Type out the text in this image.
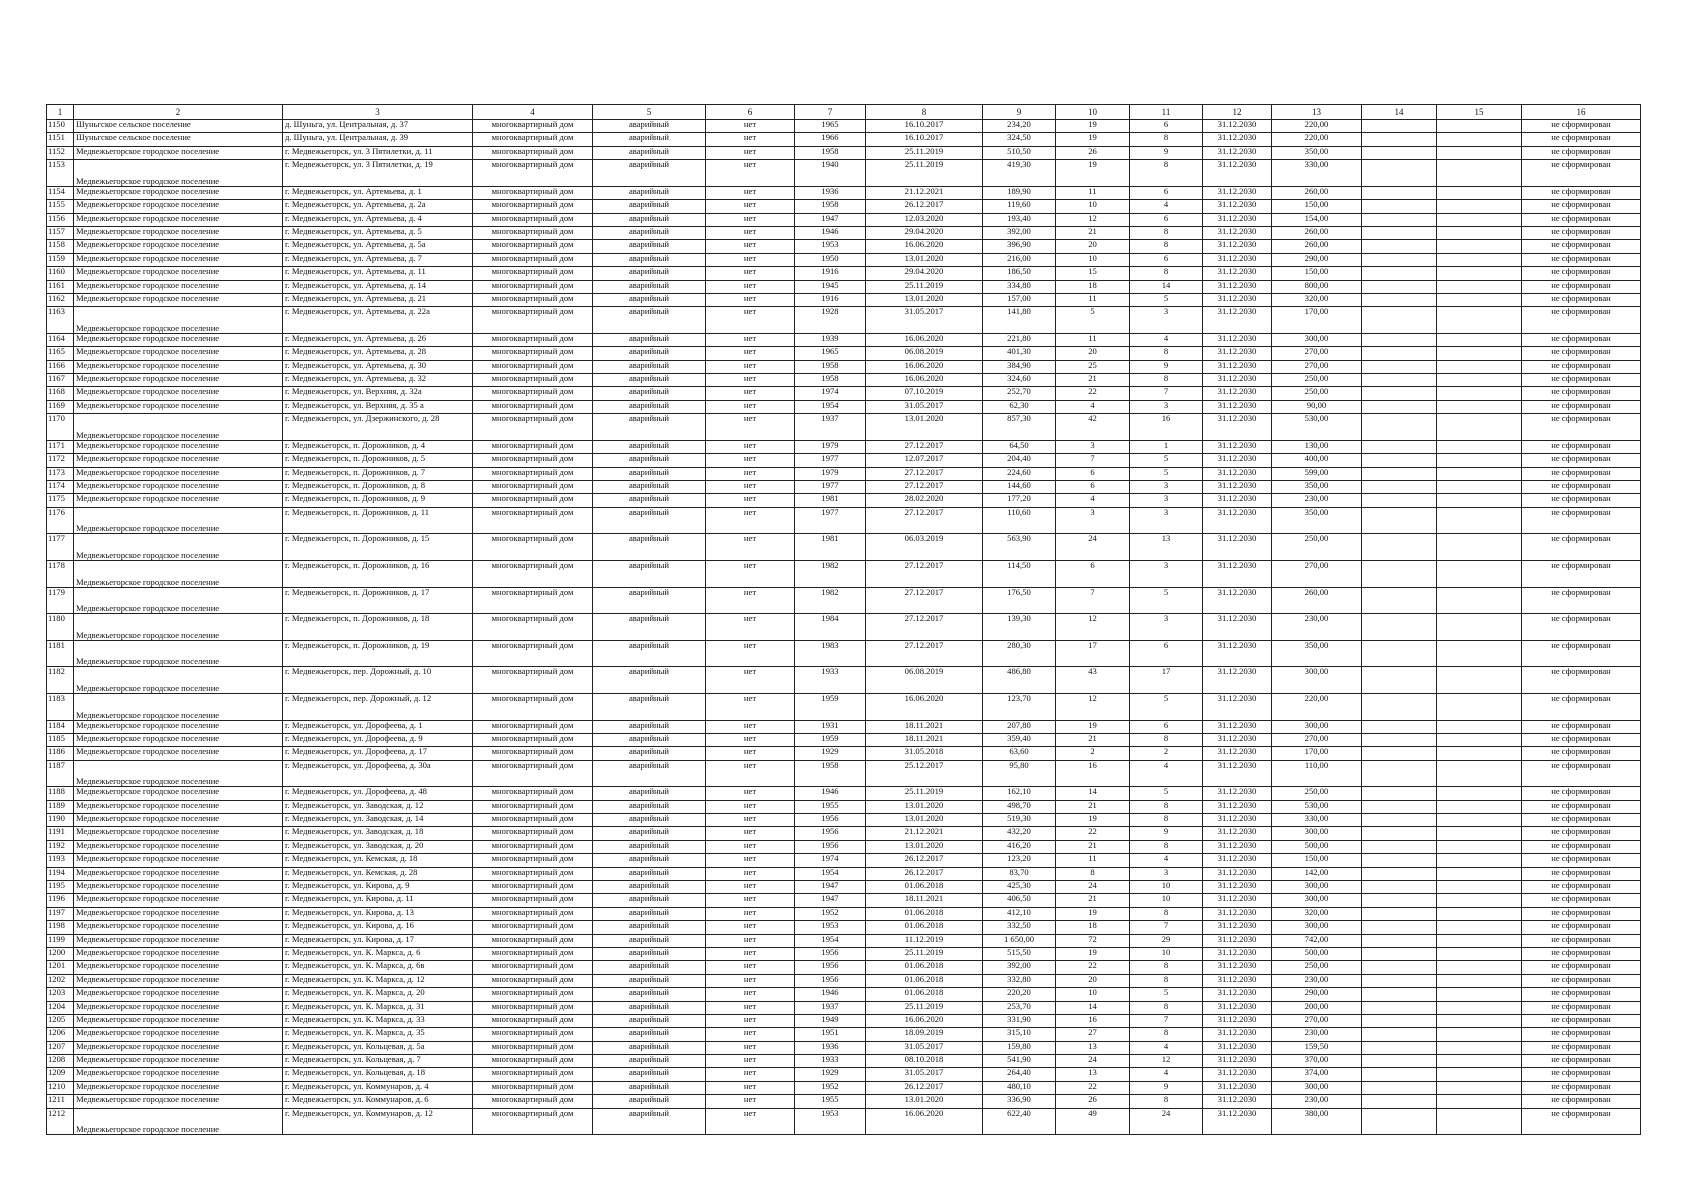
1	2	3	4	5	6	7	8	9	10	11	12	13	14	15	16
1150	Шуньгское сельское поселение	д. Шуньга, ул. Центральная, д. 37	многоквартирный дом	аварийный	нет	1965	16.10.2017	234,20	19	6	31.12.2030	220,00			не сформирован
1151	Шуньгское сельское поселение	д. Шуньга, ул. Центральная, д. 39	многоквартирный дом	аварийный	нет	1966	16.10.2017	324,50	19	8	31.12.2030	220,00			не сформирован
1152	Медвежьегорское городское поселение	г. Медвежьегорск, ул. 3 Пятилетки, д. 11	многоквартирный дом	аварийный	нет	1958	25.11.2019	510,50	26	9	31.12.2030	350,00			не сформирован
1153	Медвежьегорское городское поселение	г. Медвежьегорск, ул. 3 Пятилетки, д. 19	многоквартирный дом	аварийный	нет	1940	25.11.2019	419,30	19	8	31.12.2030	330,00			не сформирован
1154	Медвежьегорское городское поселение	г. Медвежьегорск, ул. Артемьева, д. 1	многоквартирный дом	аварийный	нет	1936	21.12.2021	189,90	11	6	31.12.2030	260,00			не сформирован
1155	Медвежьегорское городское поселение	г. Медвежьегорск, ул. Артемьева, д. 2а	многоквартирный дом	аварийный	нет	1958	26.12.2017	119,60	10	4	31.12.2030	150,00			не сформирован
1156	Медвежьегорское городское поселение	г. Медвежьегорск, ул. Артемьева, д. 4	многоквартирный дом	аварийный	нет	1947	12.03.2020	193,40	12	6	31.12.2030	154,00			не сформирован
1157	Медвежьегорское городское поселение	г. Медвежьегорск, ул. Артемьева, д. 5	многоквартирный дом	аварийный	нет	1946	29.04.2020	392,00	21	8	31.12.2030	260,00			не сформирован
1158	Медвежьегорское городское поселение	г. Медвежьегорск, ул. Артемьева, д. 5а	многоквартирный дом	аварийный	нет	1953	16.06.2020	396,90	20	8	31.12.2030	260,00			не сформирован
1159	Медвежьегорское городское поселение	г. Медвежьегорск, ул. Артемьева, д. 7	многоквартирный дом	аварийный	нет	1950	13.01.2020	216,00	10	6	31.12.2030	290,00			не сформирован
1160	Медвежьегорское городское поселение	г. Медвежьегорск, ул. Артемьева, д. 11	многоквартирный дом	аварийный	нет	1916	29.04.2020	186,50	15	8	31.12.2030	150,00			не сформирован
1161	Медвежьегорское городское поселение	г. Медвежьегорск, ул. Артемьева, д. 14	многоквартирный дом	аварийный	нет	1945	25.11.2019	334,80	18	14	31.12.2030	800,00			не сформирован
1162	Медвежьегорское городское поселение	г. Медвежьегорск, ул. Артемьева, д. 21	многоквартирный дом	аварийный	нет	1916	13.01.2020	157,00	11	5	31.12.2030	320,00			не сформирован
1163	Медвежьегорское городское поселение	г. Медвежьегорск, ул. Артемьева, д. 22а	многоквартирный дом	аварийный	нет	1928	31.05.2017	141,80	5	3	31.12.2030	170,00			не сформирован
1164	Медвежьегорское городское поселение	г. Медвежьегорск, ул. Артемьева, д. 26	многоквартирный дом	аварийный	нет	1939	16.06.2020	221,80	11	4	31.12.2030	300,00			не сформирован
1165	Медвежьегорское городское поселение	г. Медвежьегорск, ул. Артемьева, д. 28	многоквартирный дом	аварийный	нет	1965	06.08.2019	401,30	20	8	31.12.2030	270,00			не сформирован
1166	Медвежьегорское городское поселение	г. Медвежьегорск, ул. Артемьева, д. 30	многоквартирный дом	аварийный	нет	1958	16.06.2020	384,90	25	9	31.12.2030	270,00			не сформирован
1167	Медвежьегорское городское поселение	г. Медвежьегорск, ул. Артемьева, д. 32	многоквартирный дом	аварийный	нет	1958	16.06.2020	324,60	21	8	31.12.2030	250,00			не сформирован
1168	Медвежьегорское городское поселение	г. Медвежьегорск, ул. Верхняя, д. 32а	многоквартирный дом	аварийный	нет	1974	07.10.2019	252,70	22	7	31.12.2030	250,00			не сформирован
1169	Медвежьегорское городское поселение	г. Медвежьегорск, ул. Верхняя, д. 35 а	многоквартирный дом	аварийный	нет	1954	31.05.2017	62,30	4	3	31.12.2030	90,00			не сформирован
1170	Медвежьегорское городское поселение	г. Медвежьегорск, ул. Дзержинского, д. 28	многоквартирный дом	аварийный	нет	1937	13.01.2020	857,30	42	16	31.12.2030	530,00			не сформирован
1171	Медвежьегорское городское поселение	г. Медвежьегорск, п. Дорожников, д. 4	многоквартирный дом	аварийный	нет	1979	27.12.2017	64,50	3	1	31.12.2030	130,00			не сформирован
1172	Медвежьегорское городское поселение	г. Медвежьегорск, п. Дорожников, д. 5	многоквартирный дом	аварийный	нет	1977	12.07.2017	204,40	7	5	31.12.2030	400,00			не сформирован
1173	Медвежьегорское городское поселение	г. Медвежьегорск, п. Дорожников, д. 7	многоквартирный дом	аварийный	нет	1979	27.12.2017	224,60	6	5	31.12.2030	599,00			не сформирован
1174	Медвежьегорское городское поселение	г. Медвежьегорск, п. Дорожников, д. 8	многоквартирный дом	аварийный	нет	1977	27.12.2017	144,60	6	3	31.12.2030	350,00			не сформирован
1175	Медвежьегорское городское поселение	г. Медвежьегорск, п. Дорожников, д. 9	многоквартирный дом	аварийный	нет	1981	28.02.2020	177,20	4	3	31.12.2030	230,00			не сформирован
1176	Медвежьегорское городское поселение	г. Медвежьегорск, п. Дорожников, д. 11	многоквартирный дом	аварийный	нет	1977	27.12.2017	110,60	3	3	31.12.2030	350,00			не сформирован
1177	Медвежьегорское городское поселение	г. Медвежьегорск, п. Дорожников, д. 15	многоквартирный дом	аварийный	нет	1981	06.03.2019	563,90	24	13	31.12.2030	250,00			не сформирован
1178	Медвежьегорское городское поселение	г. Медвежьегорск, п. Дорожников, д. 16	многоквартирный дом	аварийный	нет	1982	27.12.2017	114,50	6	3	31.12.2030	270,00			не сформирован
1179	Медвежьегорское городское поселение	г. Медвежьегорск, п. Дорожников, д. 17	многоквартирный дом	аварийный	нет	1982	27.12.2017	176,50	7	5	31.12.2030	260,00			не сформирован
1180	Медвежьегорское городское поселение	г. Медвежьегорск, п. Дорожников, д. 18	многоквартирный дом	аварийный	нет	1984	27.12.2017	139,30	12	3	31.12.2030	230,00			не сформирован
1181	Медвежьегорское городское поселение	г. Медвежьегорск, п. Дорожников, д. 19	многоквартирный дом	аварийный	нет	1983	27.12.2017	280,30	17	6	31.12.2030	350,00			не сформирован
1182	Медвежьегорское городское поселение	г. Медвежьегорск, пер. Дорожный, д. 10	многоквартирный дом	аварийный	нет	1933	06.08.2019	486,80	43	17	31.12.2030	300,00			не сформирован
1183	Медвежьегорское городское поселение	г. Медвежьегорск, пер. Дорожный, д. 12	многоквартирный дом	аварийный	нет	1959	16.06.2020	123,70	12	5	31.12.2030	220,00			не сформирован
1184	Медвежьегорское городское поселение	г. Медвежьегорск, ул. Дорофеева, д. 1	многоквартирный дом	аварийный	нет	1931	18.11.2021	207,80	19	6	31.12.2030	300,00			не сформирован
1185	Медвежьегорское городское поселение	г. Медвежьегорск, ул. Дорофеева, д. 9	многоквартирный дом	аварийный	нет	1959	18.11.2021	359,40	21	8	31.12.2030	270,00			не сформирован
1186	Медвежьегорское городское поселение	г. Медвежьегорск, ул. Дорофеева, д. 17	многоквартирный дом	аварийный	нет	1929	31.05.2018	63,60	2	2	31.12.2030	170,00			не сформирован
1187	Медвежьегорское городское поселение	г. Медвежьегорск, ул. Дорофеева, д. 30а	многоквартирный дом	аварийный	нет	1958	25.12.2017	95,80	16	4	31.12.2030	110,00			не сформирован
1188	Медвежьегорское городское поселение	г. Медвежьегорск, ул. Дорофеева, д. 48	многоквартирный дом	аварийный	нет	1946	25.11.2019	162,10	14	5	31.12.2030	250,00			не сформирован
1189	Медвежьегорское городское поселение	г. Медвежьегорск, ул. Заводская, д. 12	многоквартирный дом	аварийный	нет	1955	13.01.2020	498,70	21	8	31.12.2030	530,00			не сформирован
1190	Медвежьегорское городское поселение	г. Медвежьегорск, ул. Заводская, д. 14	многоквартирный дом	аварийный	нет	1956	13.01.2020	519,30	19	8	31.12.2030	330,00			не сформирован
1191	Медвежьегорское городское поселение	г. Медвежьегорск, ул. Заводская, д. 18	многоквартирный дом	аварийный	нет	1956	21.12.2021	432,20	22	9	31.12.2030	300,00			не сформирован
1192	Медвежьегорское городское поселение	г. Медвежьегорск, ул. Заводская, д. 20	многоквартирный дом	аварийный	нет	1956	13.01.2020	416,20	21	8	31.12.2030	500,00			не сформирован
1193	Медвежьегорское городское поселение	г. Медвежьегорск, ул. Кемская, д. 18	многоквартирный дом	аварийный	нет	1974	26.12.2017	123,20	11	4	31.12.2030	150,00			не сформирован
1194	Медвежьегорское городское поселение	г. Медвежьегорск, ул. Кемская, д. 28	многоквартирный дом	аварийный	нет	1954	26.12.2017	83,70	8	3	31.12.2030	142,00			не сформирован
1195	Медвежьегорское городское поселение	г. Медвежьегорск, ул. Кирова, д. 9	многоквартирный дом	аварийный	нет	1947	01.06.2018	425,30	24	10	31.12.2030	300,00			не сформирован
1196	Медвежьегорское городское поселение	г. Медвежьегорск, ул. Кирова, д. 11	многоквартирный дом	аварийный	нет	1947	18.11.2021	406,50	21	10	31.12.2030	300,00			не сформирован
1197	Медвежьегорское городское поселение	г. Медвежьегорск, ул. Кирова, д. 13	многоквартирный дом	аварийный	нет	1952	01.06.2018	412,10	19	8	31.12.2030	320,00			не сформирован
1198	Медвежьегорское городское поселение	г. Медвежьегорск, ул. Кирова, д. 16	многоквартирный дом	аварийный	нет	1953	01.06.2018	332,50	18	7	31.12.2030	300,00			не сформирован
1199	Медвежьегорское городское поселение	г. Медвежьегорск, ул. Кирова, д. 17	многоквартирный дом	аварийный	нет	1954	11.12.2019	1 650,00	72	29	31.12.2030	742,00			не сформирован
1200	Медвежьегорское городское поселение	г. Медвежьегорск, ул. К. Маркса, д. 6	многоквартирный дом	аварийный	нет	1956	25.11.2019	515,50	19	10	31.12.2030	500,00			не сформирован
1201	Медвежьегорское городское поселение	г. Медвежьегорск, ул. К. Маркса, д. 6в	многоквартирный дом	аварийный	нет	1956	01.06.2018	392,00	22	8	31.12.2030	250,00			не сформирован
1202	Медвежьегорское городское поселение	г. Медвежьегорск, ул. К. Маркса, д. 12	многоквартирный дом	аварийный	нет	1956	01.06.2018	332,80	20	8	31.12.2030	230,00			не сформирован
1203	Медвежьегорское городское поселение	г. Медвежьегорск, ул. К. Маркса, д. 20	многоквартирный дом	аварийный	нет	1946	01.06.2018	220,20	10	5	31.12.2030	290,00			не сформирован
1204	Медвежьегорское городское поселение	г. Медвежьегорск, ул. К. Маркса, д. 31	многоквартирный дом	аварийный	нет	1937	25.11.2019	253,70	14	8	31.12.2030	200,00			не сформирован
1205	Медвежьегорское городское поселение	г. Медвежьегорск, ул. К. Маркса, д. 33	многоквартирный дом	аварийный	нет	1949	16.06.2020	331,90	16	7	31.12.2030	270,00			не сформирован
1206	Медвежьегорское городское поселение	г. Медвежьегорск, ул. К. Маркса, д. 35	многоквартирный дом	аварийный	нет	1951	18.09.2019	315,10	27	8	31.12.2030	230,00			не сформирован
1207	Медвежьегорское городское поселение	г. Медвежьегорск, ул. Кольцевая, д. 5а	многоквартирный дом	аварийный	нет	1936	31.05.2017	159,80	13	4	31.12.2030	159,50			не сформирован
1208	Медвежьегорское городское поселение	г. Медвежьегорск, ул. Кольцевая, д. 7	многоквартирный дом	аварийный	нет	1933	08.10.2018	541,90	24	12	31.12.2030	370,00			не сформирован
1209	Медвежьегорское городское поселение	г. Медвежьегорск, ул. Кольцевая, д. 18	многоквартирный дом	аварийный	нет	1929	31.05.2017	264,40	13	4	31.12.2030	374,00			не сформирован
1210	Медвежьегорское городское поселение	г. Медвежьегорск, ул. Коммунаров, д. 4	многоквартирный дом	аварийный	нет	1952	26.12.2017	480,10	22	9	31.12.2030	300,00			не сформирован
1211	Медвежьегорское городское поселение	г. Медвежьегорск, ул. Коммунаров, д. 6	многоквартирный дом	аварийный	нет	1955	13.01.2020	336,90	26	8	31.12.2030	230,00			не сформирован
1212	Медвежьегорское городское поселение	г. Медвежьегорск, ул. Коммунаров, д. 12	многоквартирный дом	аварийный	нет	1953	16.06.2020	622,40	49	24	31.12.2030	380,00			не сформирован
